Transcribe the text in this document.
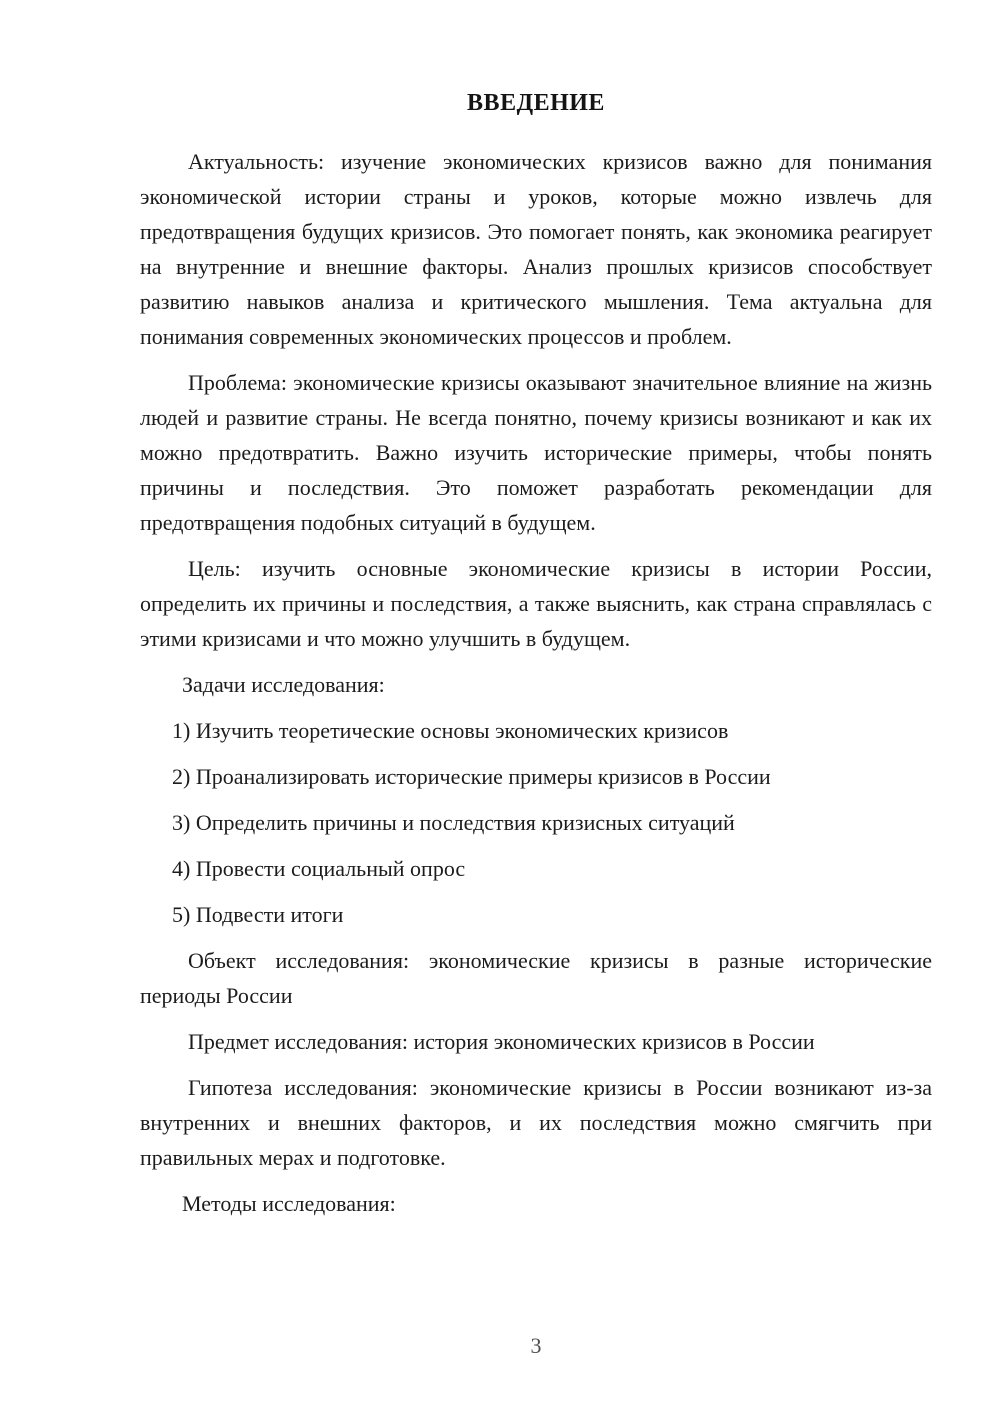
ВВЕДЕНИЕ

Актуальность: изучение экономических кризисов важно для понимания экономической истории страны и уроков, которые можно извлечь для предотвращения будущих кризисов. Это помогает понять, как экономика реагирует на внутренние и внешние факторы. Анализ прошлых кризисов способствует развитию навыков анализа и критического мышления. Тема актуальна для понимания современных экономических процессов и проблем.

Проблема: экономические кризисы оказывают значительное влияние на жизнь людей и развитие страны. Не всегда понятно, почему кризисы возникают и как их можно предотвратить. Важно изучить исторические примеры, чтобы понять причины и последствия. Это поможет разработать рекомендации для предотвращения подобных ситуаций в будущем.

Цель: изучить основные экономические кризисы в истории России, определить их причины и последствия, а также выяснить, как страна справлялась с этими кризисами и что можно улучшить в будущем.

Задачи исследования:

1) Изучить теоретические основы экономических кризисов

2) Проанализировать исторические примеры кризисов в России

3) Определить причины и последствия кризисных ситуаций

4) Провести социальный опрос

5) Подвести итоги

Объект исследования: экономические кризисы в разные исторические периоды России

Предмет исследования: история экономических кризисов в России

Гипотеза исследования: экономические кризисы в России возникают из-за внутренних и внешних факторов, и их последствия можно смягчить при правильных мерах и подготовке.

Методы исследования:

3
